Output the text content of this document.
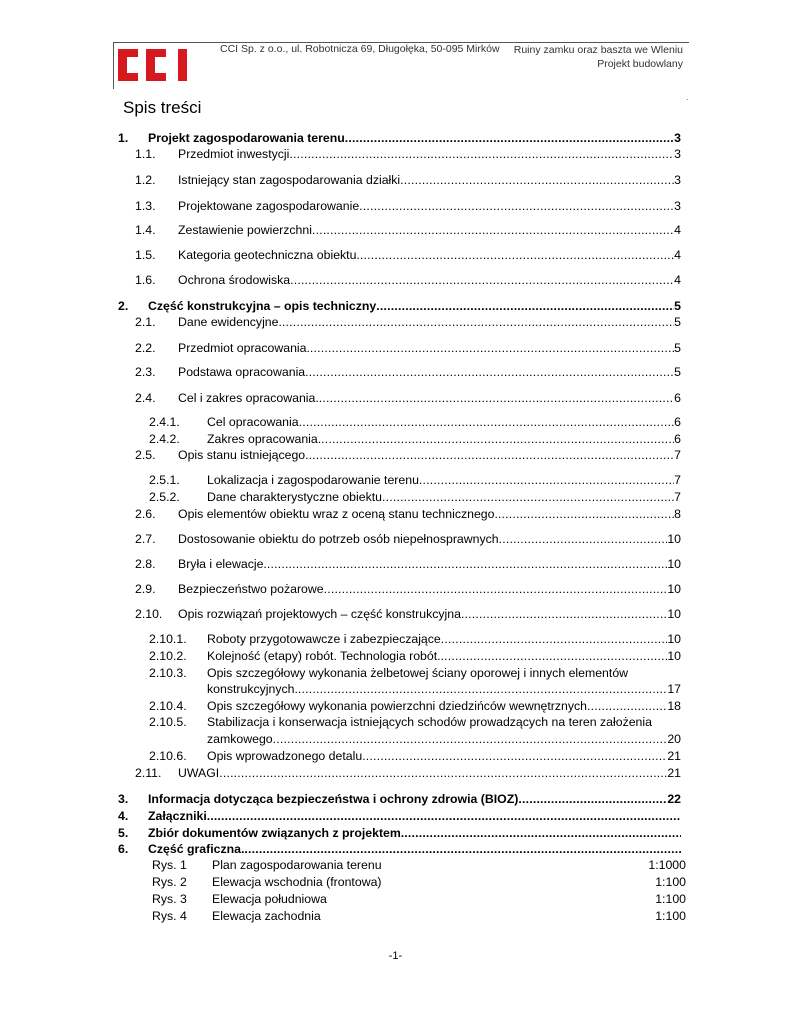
CCI Sp. z o.o., ul. Robotnicza 69, Długołęka, 50-095 Mirków Ruiny zamku oraz baszta we Wleniu
Projekt budowlany
.
Spis treści
1.	Projekt zagospodarowania terenu .....	3
1.1.	Przedmiot inwestycji .....	3
1.2.	Istniejący stan zagospodarowania działki .....	3
1.3.	Projektowane zagospodarowanie .....	3
1.4.	Zestawienie powierzchni .....	4
1.5.	Kategoria geotechniczna obiektu. .....	4
1.6.	Ochrona środowiska .....	4
2.	Część konstrukcyjna – opis techniczny .....	5
2.1.	Dane ewidencyjne. .....	5
2.2.	Przedmiot opracowania. .....	5
2.3.	Podstawa opracowania. .....	5
2.4.	Cel i zakres opracowania. .....	6
2.4.1.	Cel opracowania .....	6
2.4.2.	Zakres opracowania. .....	6
2.5.	Opis stanu istniejącego. .....	7
2.5.1.	Lokalizacja i zagospodarowanie terenu .....	7
2.5.2.	Dane charakterystyczne obiektu .....	7
2.6.	Opis elementów obiektu wraz z oceną stanu technicznego. .....	8
2.7.	Dostosowanie obiektu do potrzeb osób niepełnosprawnych .....	10
2.8.	Bryła i elewacje. .....	10
2.9.	Bezpieczeństwo pożarowe .....	10
2.10.	Opis rozwiązań projektowych – część konstrukcyjna .....	10
2.10.1.	Roboty przygotowawcze i zabezpieczające .....	10
2.10.2.	Kolejność (etapy) robót. Technologia robót. .....	10
2.10.3.	Opis szczegółowy wykonania żelbetowej ściany oporowej i innych elementów
konstrukcyjnych. .....	17
2.10.4.	Opis szczegółowy wykonania powierzchni dziedzińców wewnętrznych .....	18
2.10.5.	Stabilizacja i konserwacja istniejących schodów prowadzących na teren założenia
zamkowego .....	20
2.10.6.	Opis wprowadzonego detalu .....	21
2.11.	UWAGI .....	21
3.	Informacja dotycząca bezpieczeństwa i ochrony zdrowia (BIOZ) .....	22
4.	Załączniki.
.....
5.	Zbiór dokumentów związanych z projektem.
.....
6.	Część graficzna.
.....
Rys. 1 Plan zagospodarowania terenu	1:1000
Rys. 2 Elewacja wschodnia (frontowa)	1:100
Rys. 3 Elewacja południowa	1:100
Rys. 4 Elewacja zachodnia	1:100
-1-
